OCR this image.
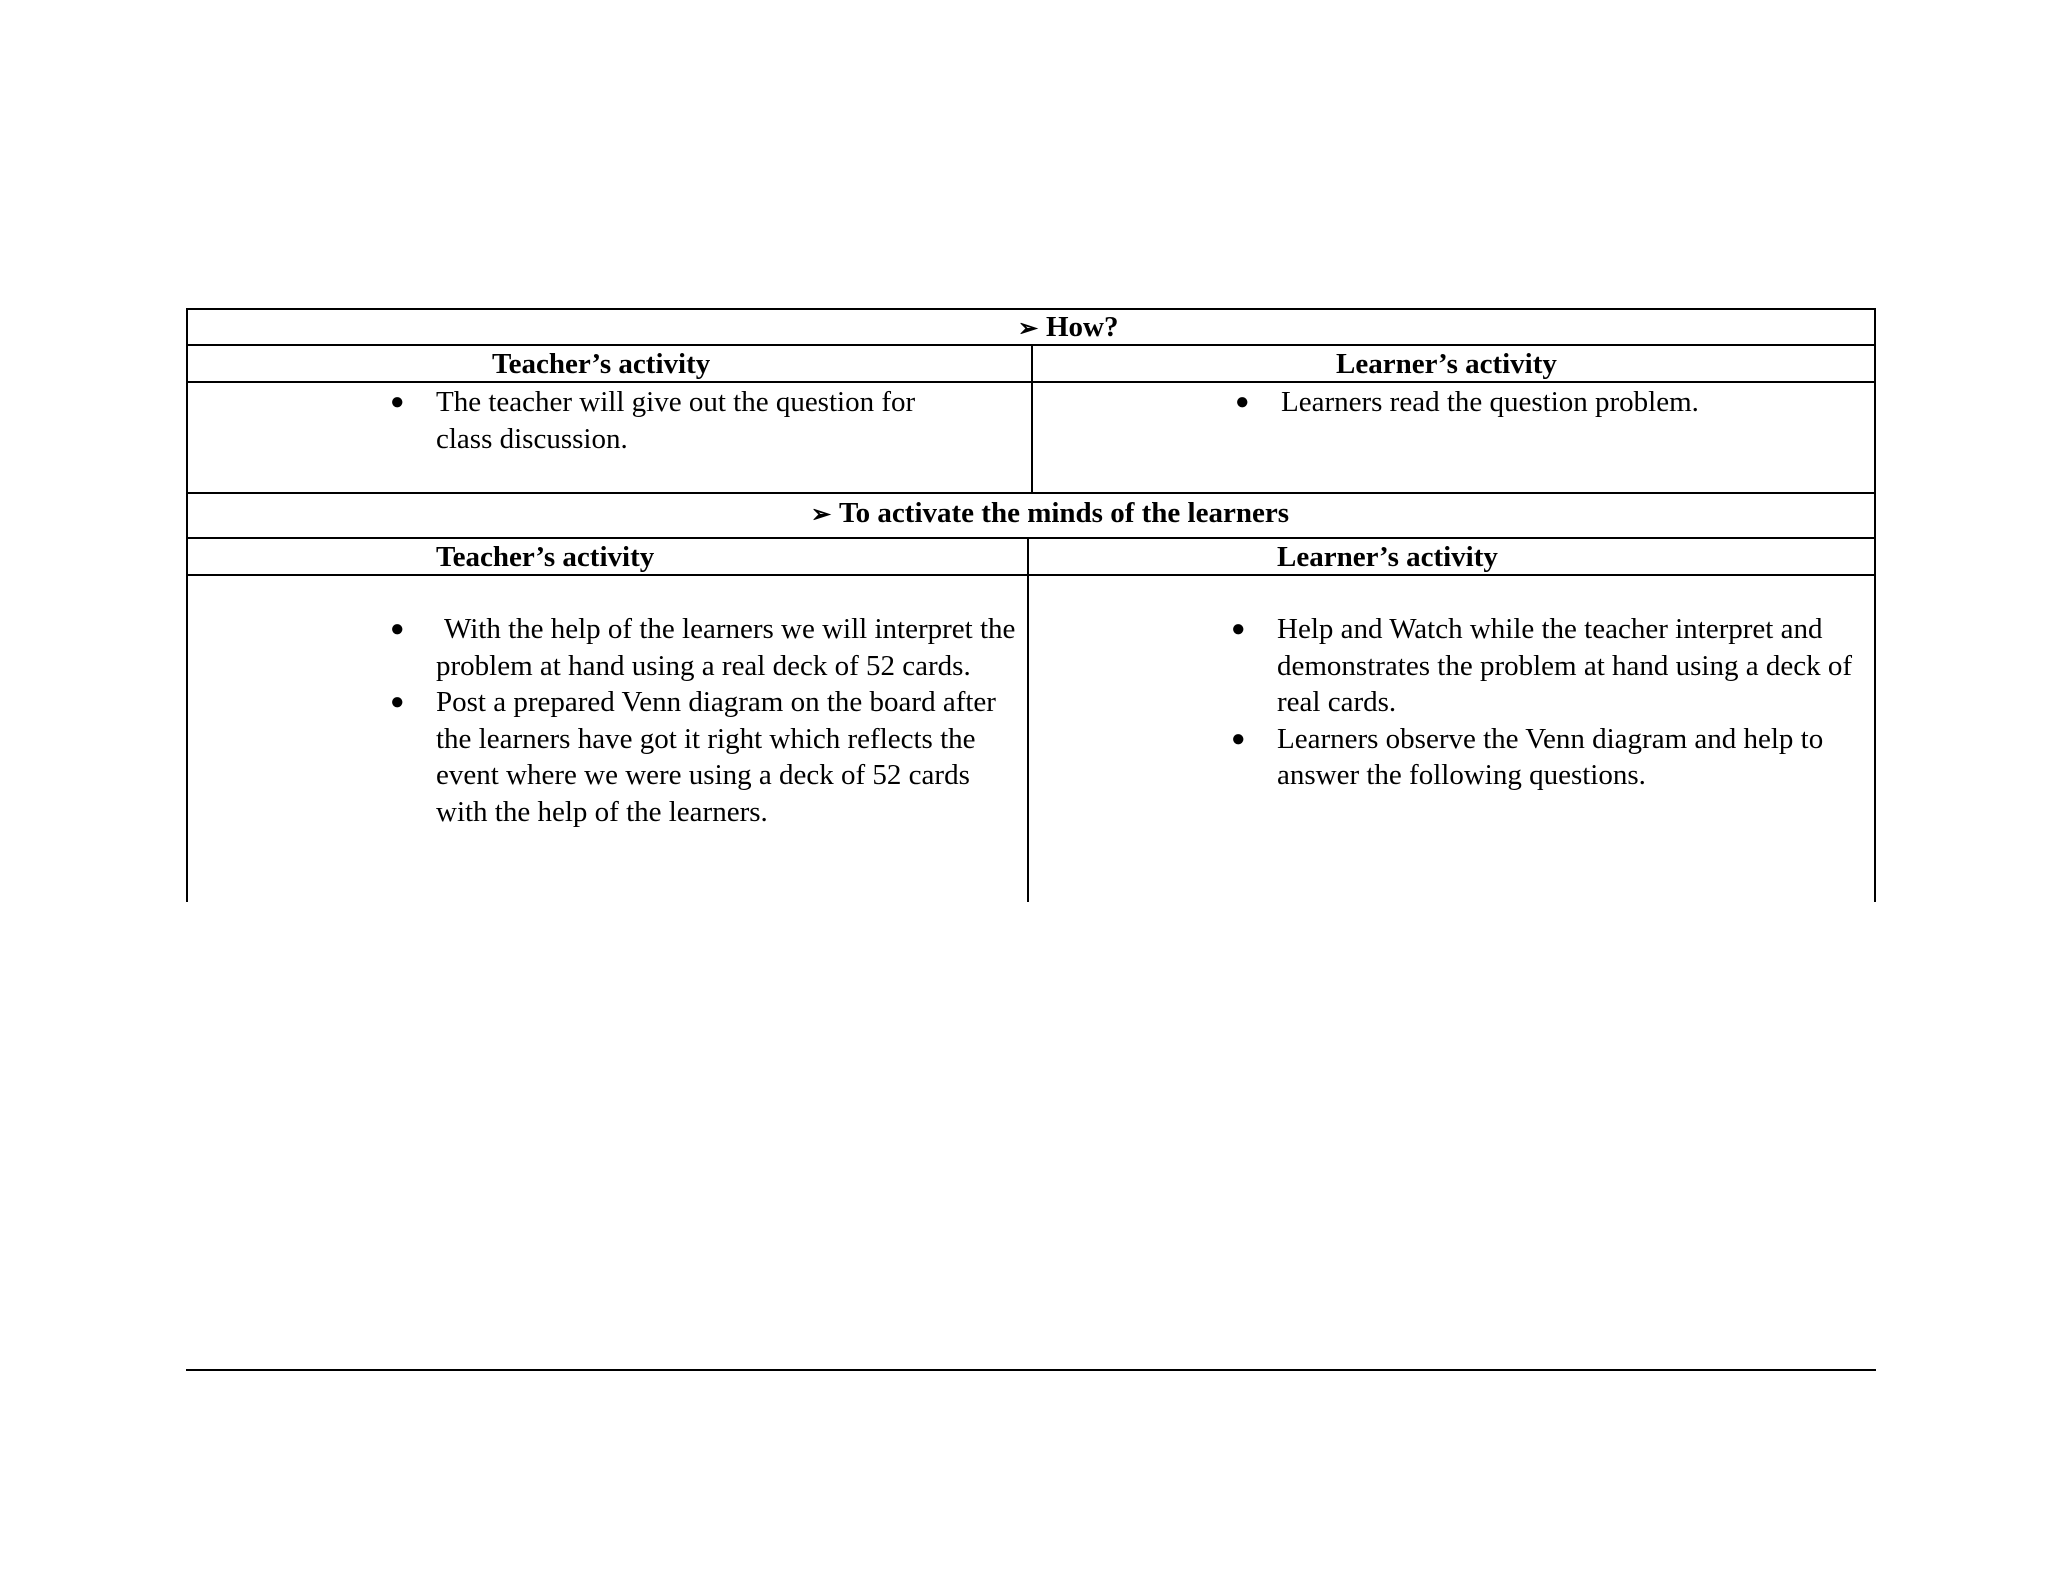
➢ How?
Teacher’s activity	Learner’s activity
● The teacher will give out the question for class discussion.
● Learners read the question problem.
➢ To activate the minds of the learners
Teacher’s activity	Learner’s activity
● With the help of the learners we will interpret the problem at hand using a real deck of 52 cards.
● Post a prepared Venn diagram on the board after the learners have got it right which reflects the event where we were using a deck of 52 cards with the help of the learners.
● Help and Watch while the teacher interpret and demonstrates the problem at hand using a deck of real cards.
● Learners observe the Venn diagram and help to answer the following questions.
